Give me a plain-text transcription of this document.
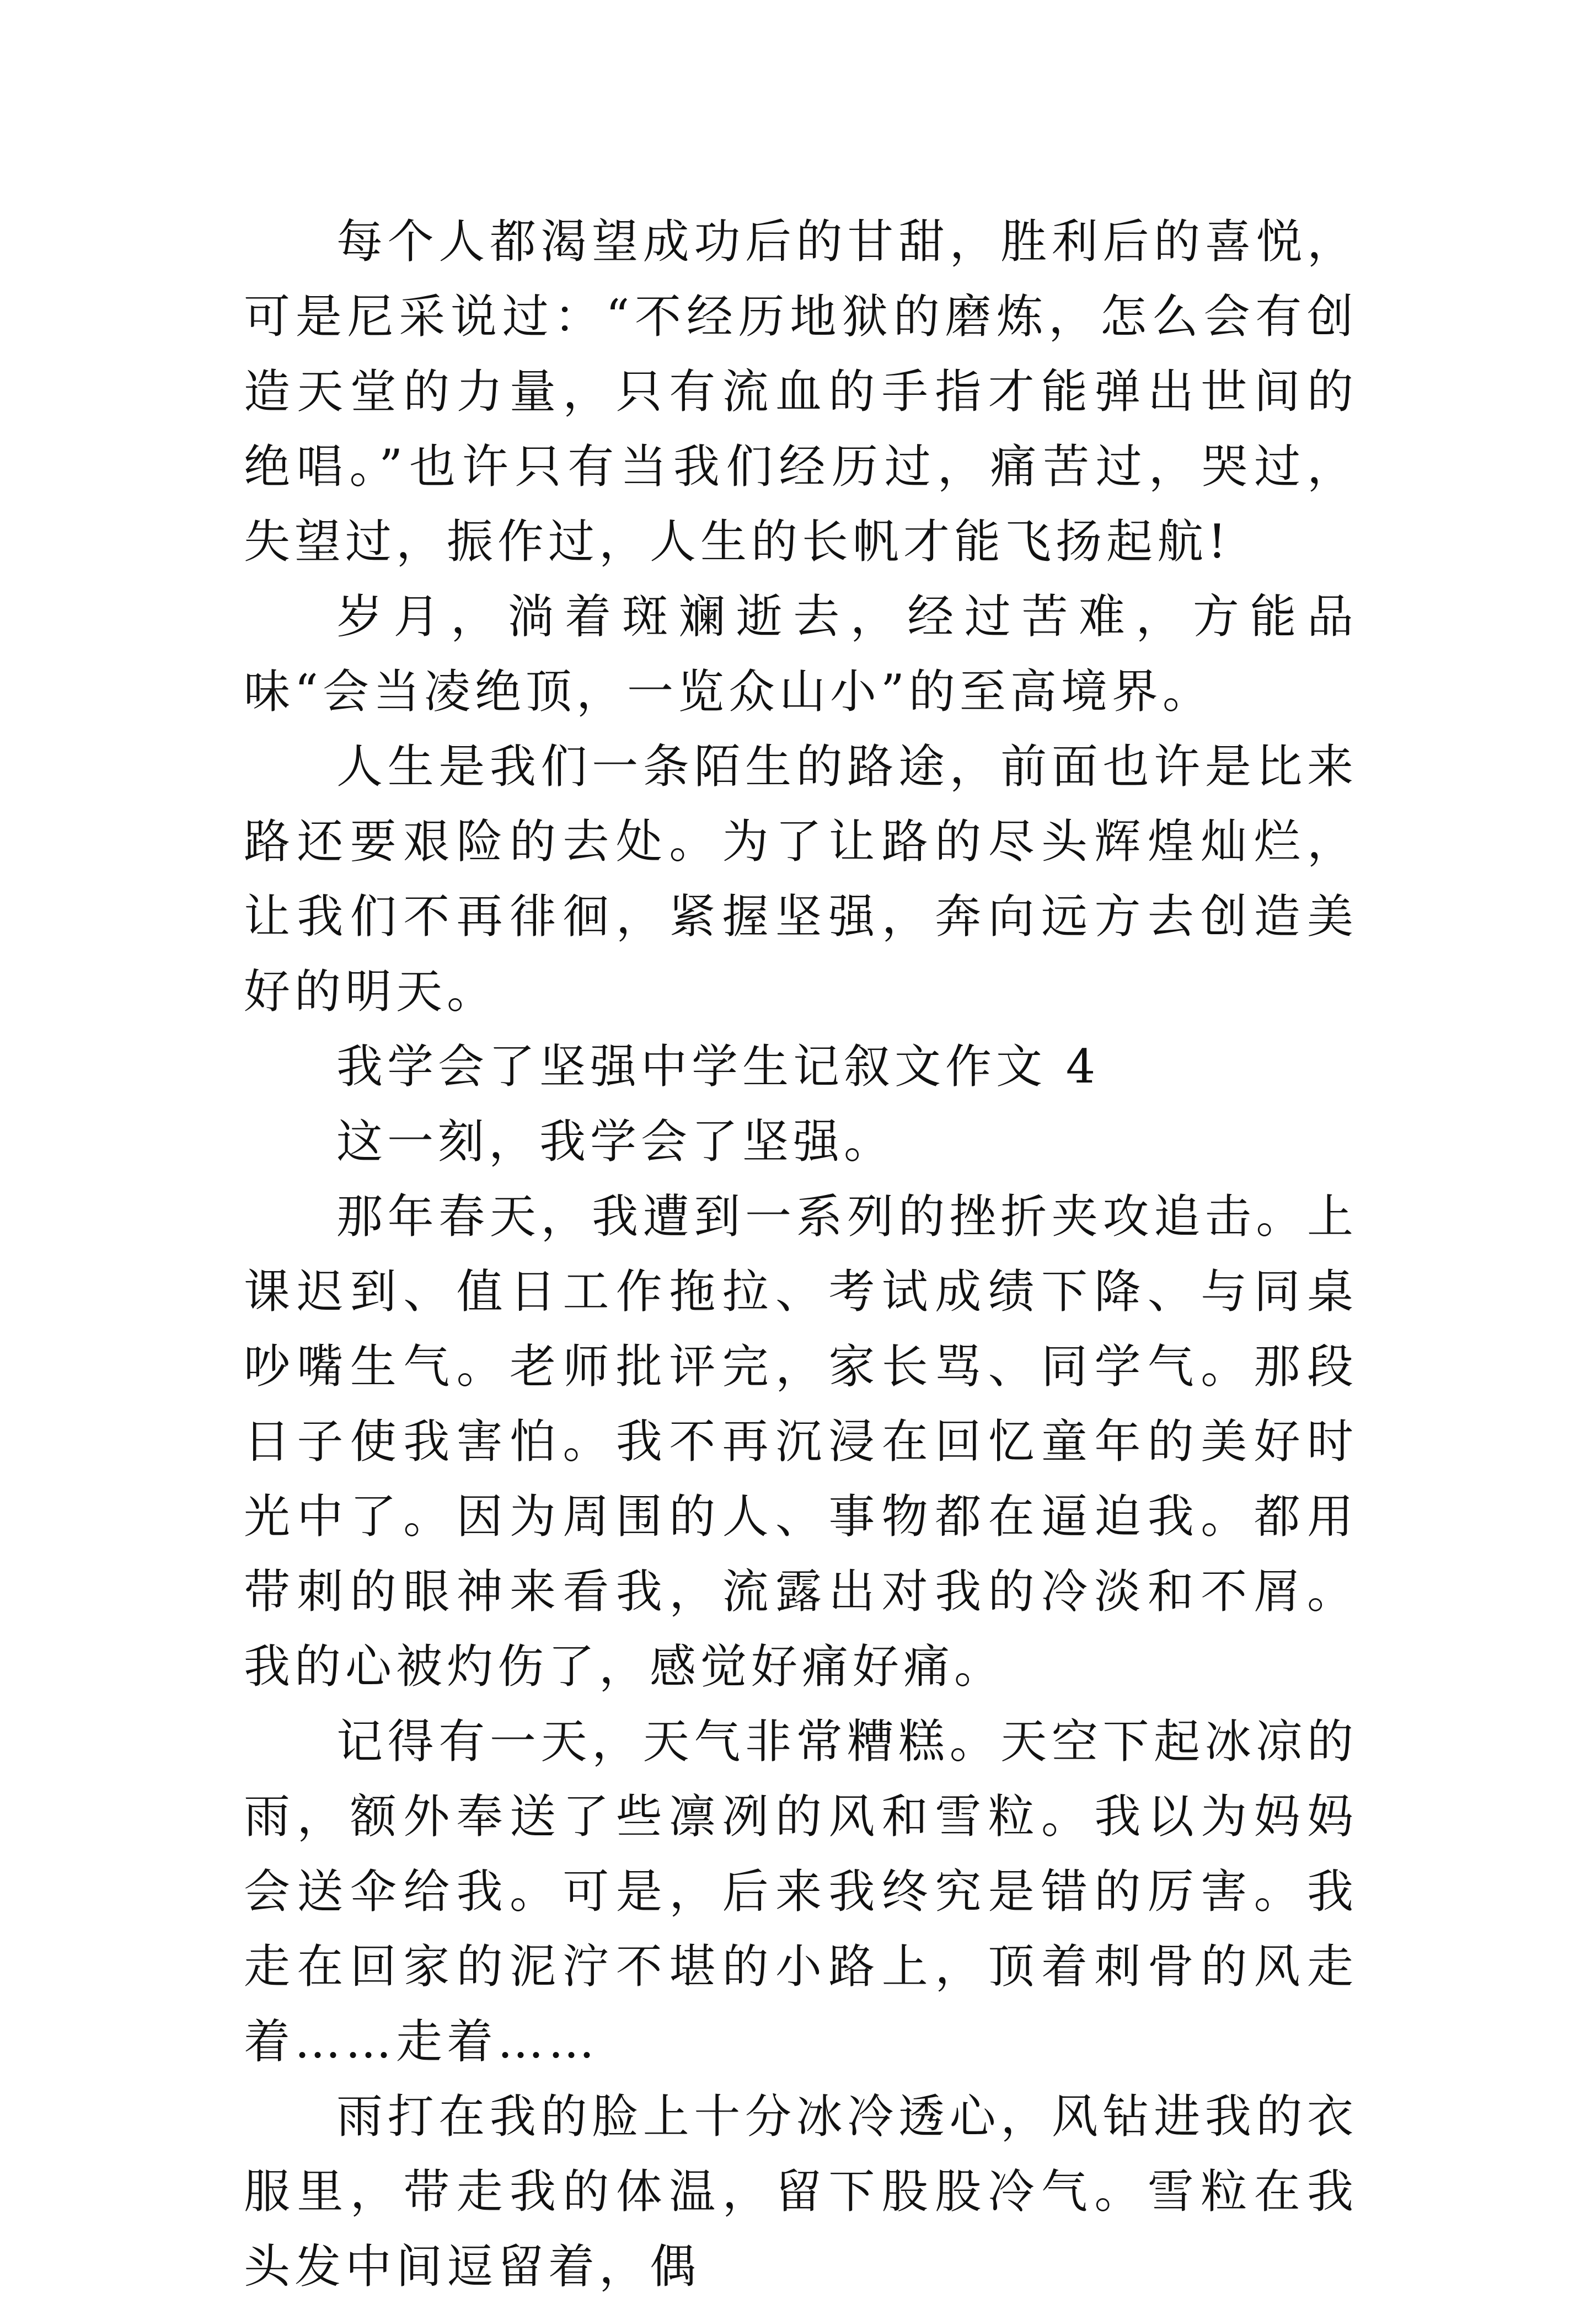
每个人都渴望成功后的甘甜，胜利后的喜悦，可是尼采说过：“不经历地狱的磨炼，怎么会有创造天堂的力量，只有流血的手指才能弹出世间的绝唱。”也许只有当我们经历过，痛苦过，哭过，失望过，振作过，人生的长帆才能飞扬起航!

岁月，淌着斑斓逝去，经过苦难，方能品味“会当凌绝顶，一览众山小”的至高境界。

人生是我们一条陌生的路途，前面也许是比来路还要艰险的去处。为了让路的尽头辉煌灿烂，让我们不再徘徊，紧握坚强，奔向远方去创造美好的明天。

我学会了坚强中学生记叙文作文 4

这一刻，我学会了坚强。

那年春天，我遭到一系列的挫折夹攻追击。上课迟到、值日工作拖拉、考试成绩下降、与同桌吵嘴生气。老师批评完，家长骂、同学气。那段日子使我害怕。我不再沉浸在回忆童年的美好时光中了。因为周围的人、事物都在逼迫我。都用带刺的眼神来看我，流露出对我的冷淡和不屑。我的心被灼伤了，感觉好痛好痛。

记得有一天，天气非常糟糕。天空下起冰凉的雨，额外奉送了些凛冽的风和雪粒。我以为妈妈会送伞给我。可是，后来我终究是错的厉害。我走在回家的泥泞不堪的小路上，顶着刺骨的风走着……走着……

雨打在我的脸上十分冰冷透心，风钻进我的衣服里，带走我的体温，留下股股冷气。雪粒在我头发中间逗留着，偶
